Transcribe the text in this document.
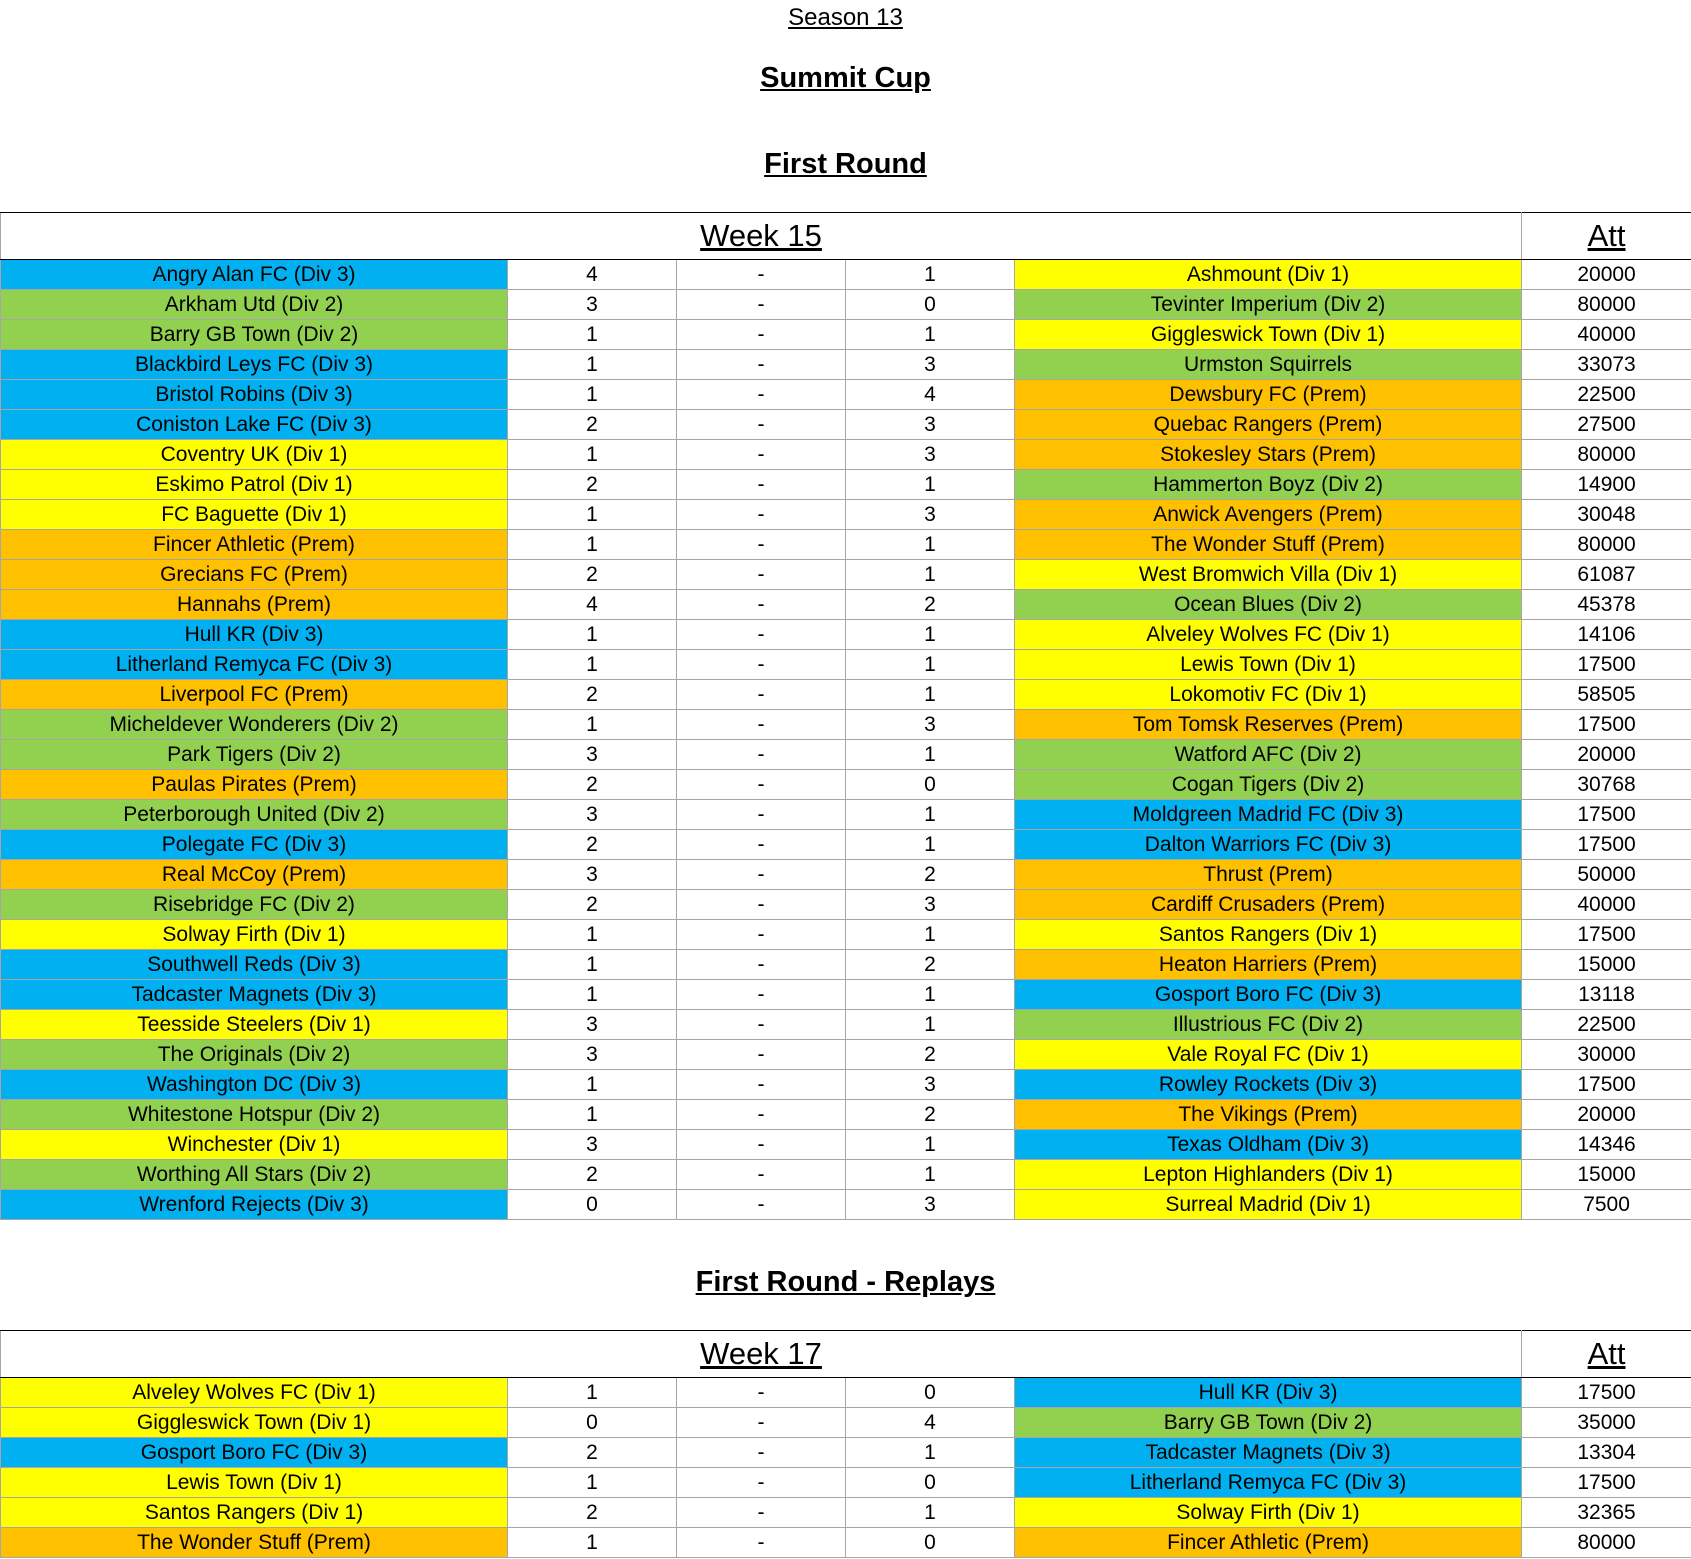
Season 13
Summit Cup
First Round
Week 15					Att
Angry Alan FC (Div 3)	4	-	1	Ashmount (Div 1)	20000
Arkham Utd (Div 2)	3	-	0	Tevinter Imperium (Div 2)	80000
Barry GB Town (Div 2)	1	-	1	Giggleswick Town (Div 1)	40000
Blackbird Leys FC (Div 3)	1	-	3	Urmston Squirrels	33073
Bristol Robins (Div 3)	1	-	4	Dewsbury FC (Prem)	22500
Coniston Lake FC (Div 3)	2	-	3	Quebac Rangers (Prem)	27500
Coventry UK (Div 1)	1	-	3	Stokesley Stars (Prem)	80000
Eskimo Patrol (Div 1)	2	-	1	Hammerton Boyz (Div 2)	14900
FC Baguette (Div 1)	1	-	3	Anwick Avengers (Prem)	30048
Fincer Athletic (Prem)	1	-	1	The Wonder Stuff (Prem)	80000
Grecians FC (Prem)	2	-	1	West Bromwich Villa (Div 1)	61087
Hannahs (Prem)	4	-	2	Ocean Blues (Div 2)	45378
Hull KR (Div 3)	1	-	1	Alveley Wolves FC (Div 1)	14106
Litherland Remyca FC (Div 3)	1	-	1	Lewis Town (Div 1)	17500
Liverpool FC (Prem)	2	-	1	Lokomotiv FC (Div 1)	58505
Micheldever Wonderers (Div 2)	1	-	3	Tom Tomsk Reserves (Prem)	17500
Park Tigers (Div 2)	3	-	1	Watford AFC (Div 2)	20000
Paulas Pirates (Prem)	2	-	0	Cogan Tigers (Div 2)	30768
Peterborough United (Div 2)	3	-	1	Moldgreen Madrid FC (Div 3)	17500
Polegate FC (Div 3)	2	-	1	Dalton Warriors FC (Div 3)	17500
Real McCoy (Prem)	3	-	2	Thrust (Prem)	50000
Risebridge FC (Div 2)	2	-	3	Cardiff Crusaders (Prem)	40000
Solway Firth (Div 1)	1	-	1	Santos Rangers (Div 1)	17500
Southwell Reds (Div 3)	1	-	2	Heaton Harriers (Prem)	15000
Tadcaster Magnets (Div 3)	1	-	1	Gosport Boro FC (Div 3)	13118
Teesside Steelers (Div 1)	3	-	1	Illustrious FC (Div 2)	22500
The Originals (Div 2)	3	-	2	Vale Royal FC (Div 1)	30000
Washington DC (Div 3)	1	-	3	Rowley Rockets (Div 3)	17500
Whitestone Hotspur (Div 2)	1	-	2	The Vikings (Prem)	20000
Winchester (Div 1)	3	-	1	Texas Oldham (Div 3)	14346
Worthing All Stars (Div 2)	2	-	1	Lepton Highlanders (Div 1)	15000
Wrenford Rejects (Div 3)	0	-	3	Surreal Madrid (Div 1)	7500
First Round - Replays
Week 17					Att
Alveley Wolves FC (Div 1)	1	-	0	Hull KR (Div 3)	17500
Giggleswick Town (Div 1)	0	-	4	Barry GB Town (Div 2)	35000
Gosport Boro FC (Div 3)	2	-	1	Tadcaster Magnets (Div 3)	13304
Lewis Town (Div 1)	1	-	0	Litherland Remyca FC (Div 3)	17500
Santos Rangers (Div 1)	2	-	1	Solway Firth (Div 1)	32365
The Wonder Stuff (Prem)	1	-	0	Fincer Athletic (Prem)	80000
